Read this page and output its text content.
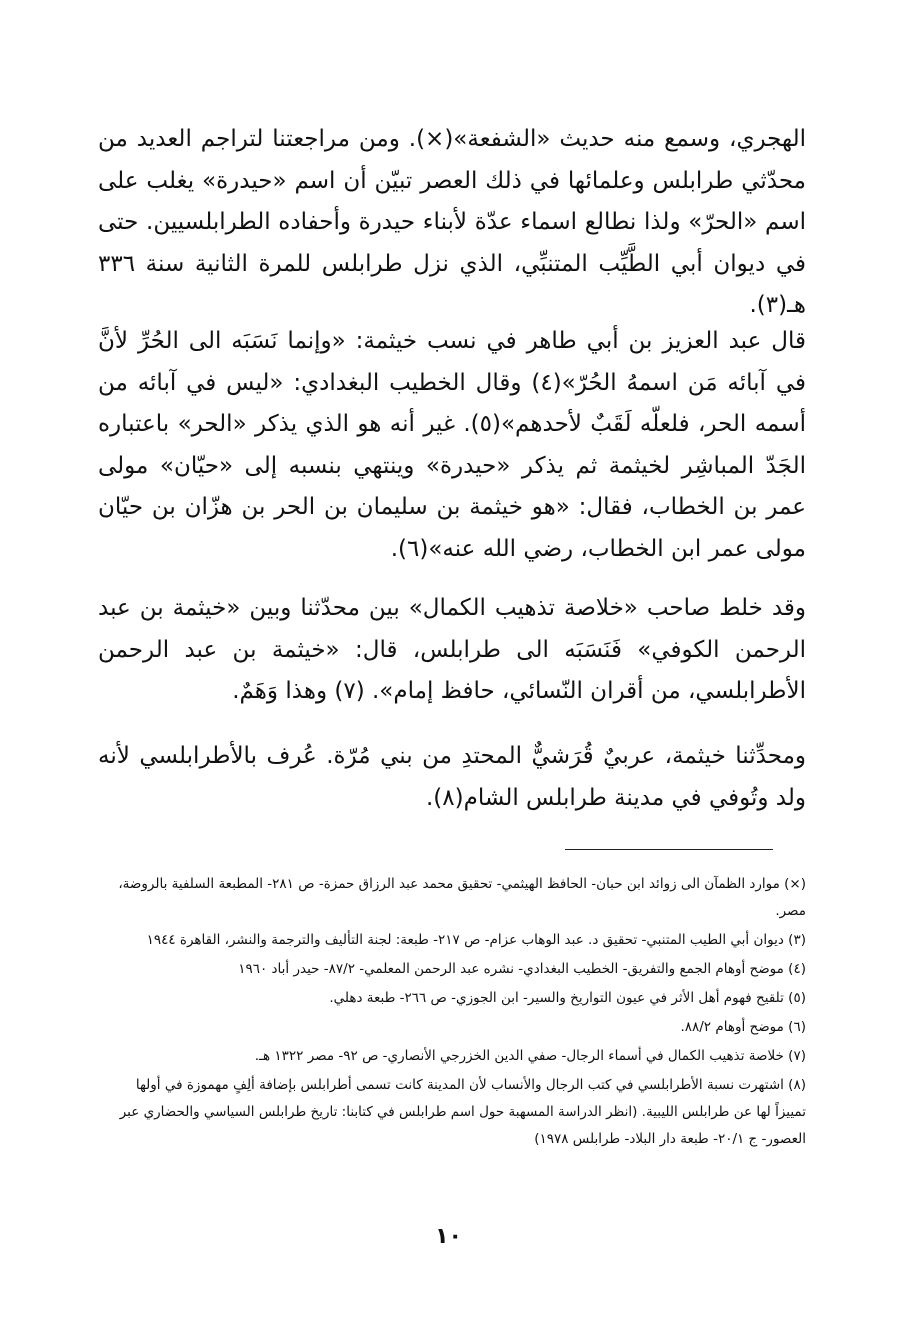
الهجري، وسمع منه حديث «الشفعة»(×). ومن مراجعتنا لتراجم العديد من محدّثي طرابلس وعلمائها في ذلك العصر تبيّن أن اسم «حيدرة» يغلب على اسم «الحرّ» ولذا نطالع اسماء عدّة لأبناء حيدرة وأحفاده الطرابلسيين. حتى في ديوان أبي الطَّيِّب المتنبِّي، الذي نزل طرابلس للمرة الثانية سنة ٣٣٦ هـ(٣).

قال عبد العزيز بن أبي طاهر في نسب خيثمة: «وإنما نَسَبَه الى الحُرِّ لأنَّ في آبائه مَن اسمهُ الحُرّ»(٤) وقال الخطيب البغدادي: «ليس في آبائه من أسمه الحر، فلعلّه لَقَبٌ لأحدهم»(٥). غير أنه هو الذي يذكر «الحر» باعتباره الجَدّ المباشِر لخيثمة ثم يذكر «حيدرة» وينتهي بنسبه إلى «حيّان» مولى عمر بن الخطاب، فقال: «هو خيثمة بن سليمان بن الحر بن هزّان بن حيّان مولى عمر ابن الخطاب، رضي الله عنه»(٦).

وقد خلط صاحب «خلاصة تذهيب الكمال» بين محدّثنا وبين «خيثمة بن عبد الرحمن الكوفي» فَنَسَبَه الى طرابلس، قال: «خيثمة بن عبد الرحمن الأطرابلسي، من أقران النّسائي، حافظ إمام». (٧) وهذا وَهَمٌ.

ومحدِّثنا خيثمة، عربيٌ قُرَشيٌّ المحتدِ من بني مُرّة. عُرف بالأطرابلسي لأنه ولد وتُوفي في مدينة طرابلس الشام(٨).

(×) موارد الظمآن الى زوائد ابن حبان- الحافظ الهيثمي- تحقيق محمد عبد الرزاق حمزة- ص ٢٨١- المطبعة السلفية بالروضة، مصر.

(٣) ديوان أبي الطيب المتنبي- تحقيق د. عبد الوهاب عزام- ص ٢١٧- طبعة: لجنة التأليف والترجمة والنشر، القاهرة ١٩٤٤

(٤) موضح أوهام الجمع والتفريق- الخطيب البغدادي- نشره عبد الرحمن المعلمي- ٨٧/٢- حيدر أباد ١٩٦٠

(٥) تلقيح فهوم أهل الأثر في عيون التواريخ والسير- ابن الجوزي- ص ٢٦٦- طبعة دهلي.

(٦) موضح أوهام ٨٨/٢.

(٧) خلاصة تذهيب الكمال في أسماء الرجال- صفي الدين الخزرجي الأنصاري- ص ٩٢- مصر ١٣٢٢ هـ.

(٨) اشتهرت نسبة الأطرابلسي في كتب الرجال والأنساب لأن المدينة كانت تسمى أطرابلس بإضافة ألِفٍ مهموزة في أولها تمييزاً لها عن طرابلس الليبية. (انظر الدراسة المسهبة حول اسم طرابلس في كتابنا: تاريخ طرابلس السياسي والحضاري عبر العصور- ج ٢٠/١- طبعة دار البلاد- طرابلس ١٩٧٨)

١٠
